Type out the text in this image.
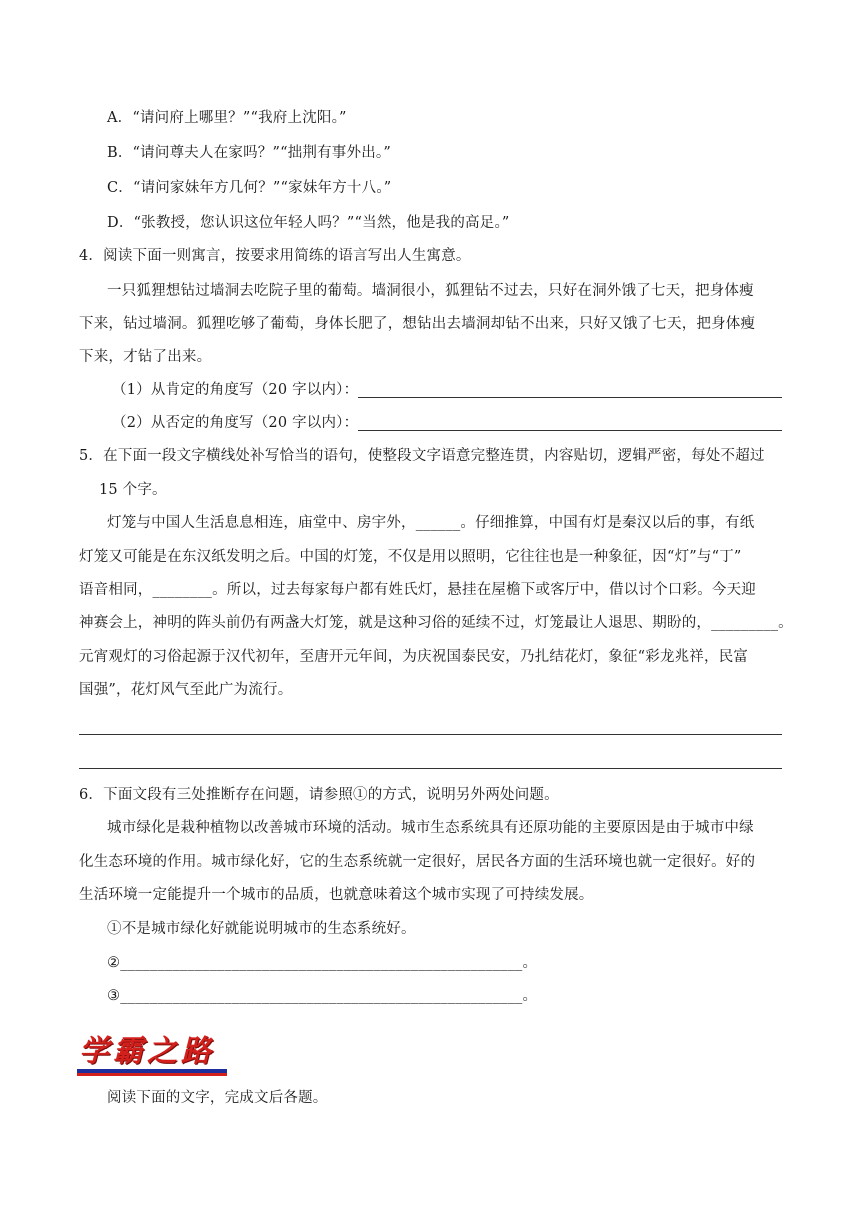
A．“请问府上哪里？”“我府上沈阳。”
B．“请问尊夫人在家吗？”“拙荆有事外出。”
C．“请问家妹年方几何？”“家妹年方十八。”
D．“张教授，您认识这位年轻人吗？”“当然，他是我的高足。”
4．阅读下面一则寓言，按要求用简练的语言写出人生寓意。
一只狐狸想钻过墙洞去吃院子里的葡萄。墙洞很小，狐狸钻不过去，只好在洞外饿了七天，把身体瘦
下来，钻过墙洞。狐狸吃够了葡萄，身体长肥了，想钻出去墙洞却钻不出来，只好又饿了七天，把身体瘦
下来，才钻了出来。
（1）从肯定的角度写（20 字以内）：
（2）从否定的角度写（20 字以内）：
5．在下面一段文字横线处补写恰当的语句，使整段文字语意完整连贯，内容贴切，逻辑严密，每处不超过
15 个字。
灯笼与中国人生活息息相连，庙堂中、房宇外，______。仔细推算，中国有灯是秦汉以后的事，有纸
灯笼又可能是在东汉纸发明之后。中国的灯笼，不仅是用以照明，它往往也是一种象征，因“灯”与“丁”
语音相同，________。所以，过去每家每户都有姓氏灯，悬挂在屋檐下或客厅中，借以讨个口彩。今天迎
神赛会上，神明的阵头前仍有两盏大灯笼，就是这种习俗的延续不过，灯笼最让人退思、期盼的，_________。
元宵观灯的习俗起源于汉代初年，至唐开元年间，为庆祝国泰民安，乃扎结花灯，象征“彩龙兆祥，民富
国强”，花灯风气至此广为流行。
6．下面文段有三处推断存在问题，请参照①的方式，说明另外两处问题。
城市绿化是栽种植物以改善城市环境的活动。城市生态系统具有还原功能的主要原因是由于城市中绿
化生态环境的作用。城市绿化好，它的生态系统就一定很好，居民各方面的生活环境也就一定很好。好的
生活环境一定能提升一个城市的品质，也就意味着这个城市实现了可持续发展。
①不是城市绿化好就能说明城市的生态系统好。
②______________________________________________________。
③______________________________________________________。
学霸之路
阅读下面的文字，完成文后各题。
